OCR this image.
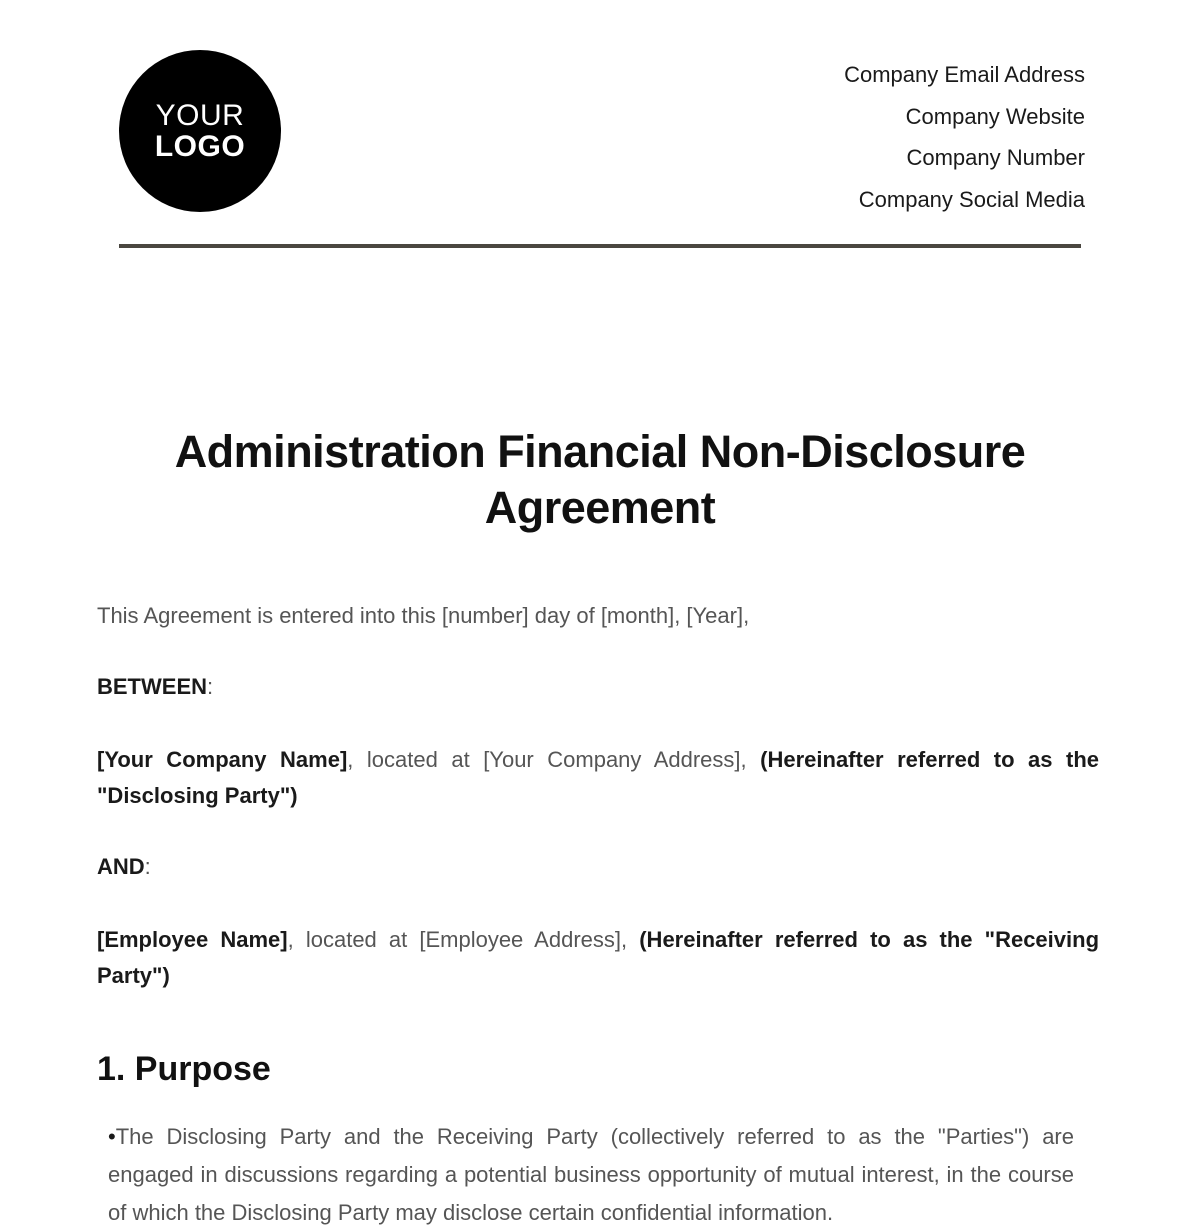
YOUR
LOGO
Company Email Address
Company Website
Company Number
Company Social Media
Administration Financial Non-Disclosure Agreement
This Agreement is entered into this [number] day of [month], [Year],
BETWEEN:
[Your Company Name], located at [Your Company Address], (Hereinafter referred to as the "Disclosing Party")
AND:
[Employee Name], located at [Employee Address], (Hereinafter referred to as the "Receiving Party")
1. Purpose
•The Disclosing Party and the Receiving Party (collectively referred to as the "Parties") are engaged in discussions regarding a potential business opportunity of mutual interest, in the course of which the Disclosing Party may disclose certain confidential information.
